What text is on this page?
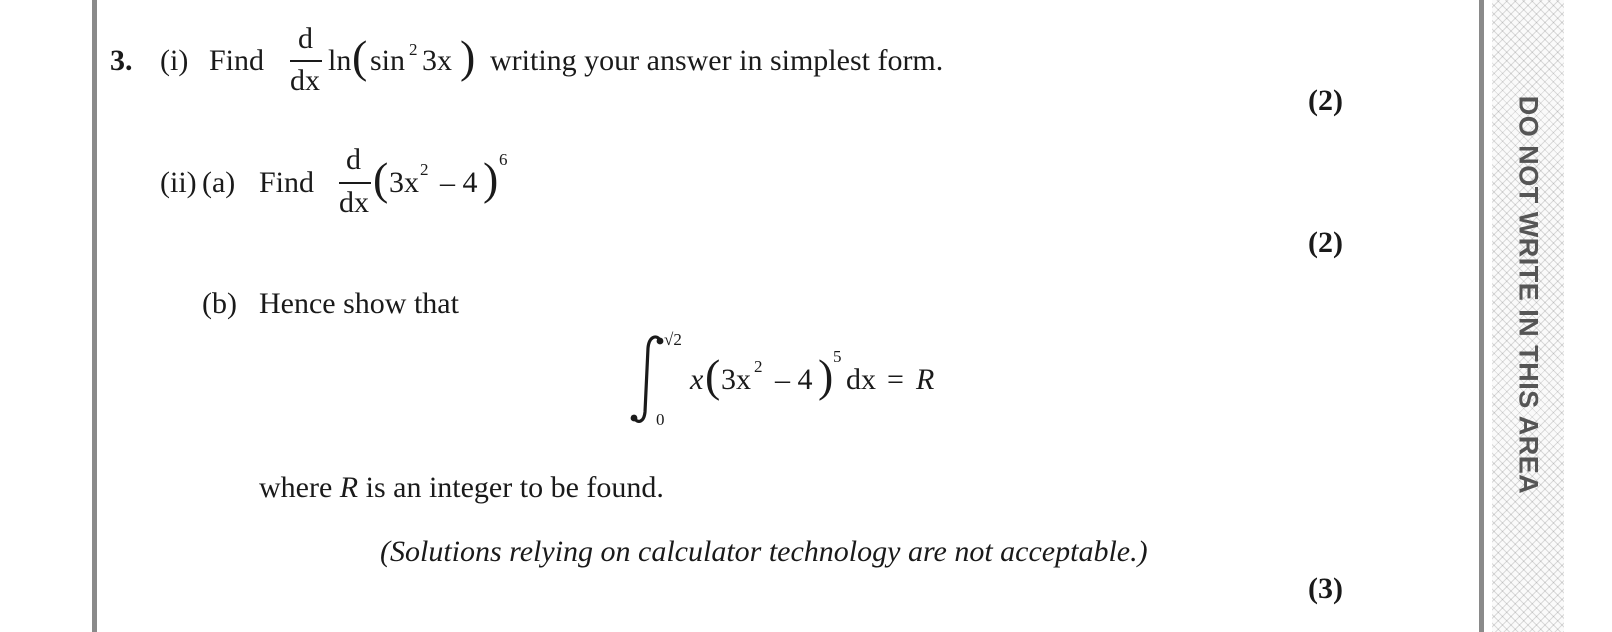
DO NOT WRITE IN THIS AREA
3. (i) Find
d
dx
ln ( sin 2 3x ) writing your answer in simplest form.
(2)
(ii) (a) Find
d
dx ( 3x 2 – 4 ) 6
(2)
(b) Hence show that
√2
0
x ( 3x 2 – 4 ) 5
dx = R
where R is an integer to be found.
(Solutions relying on calculator technology are not acceptable.)
(3)
